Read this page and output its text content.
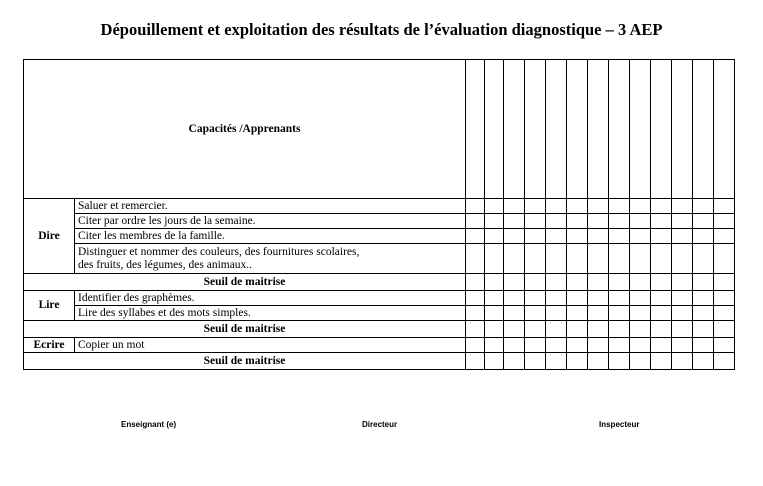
Dépouillement et exploitation des résultats de l’évaluation diagnostique – 3 AEP
Capacités /Apprenants														
Dire	Saluer et remercier.													

	Citer par ordre les jours de la semaine.													

	Citer les membres de la famille.													

	Distinguer et nommer des couleurs, des fournitures scolaires,
des fruits, des légumes, des animaux..													

Seuil de maitrise														
Lire	Identifier des graphèmes.													

	Lire des syllabes et des mots simples.													

Seuil de maitrise														
Ecrire	Copier un mot													

Seuil de maitrise														
Enseignant (e)	Directeur	Inspecteur
